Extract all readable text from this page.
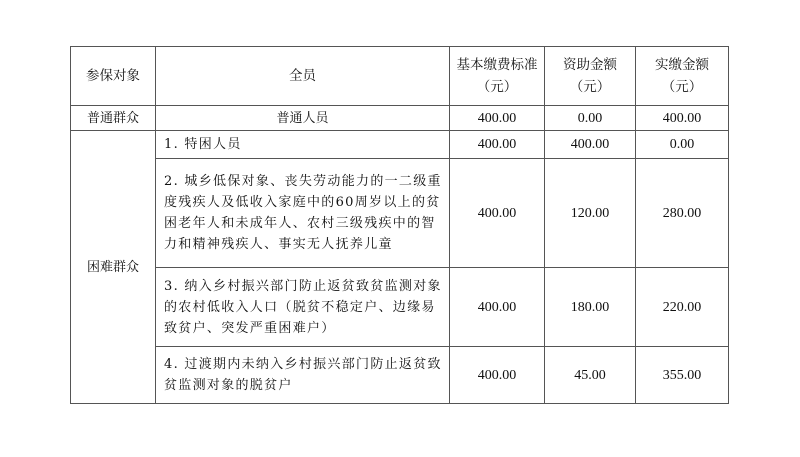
参保对象	全员	基本缴费标准（元）	资助金额（元）	实缴金额（元）
普通群众	普通人员	400.00	0.00	400.00
困难群众	1. 特困人员	400.00	400.00	0.00
	2. 城乡低保对象、丧失劳动能力的一二级重度残疾人及低收入家庭中的60周岁以上的贫困老年人和未成年人、农村三级残疾中的智力和精神残疾人、事实无人抚养儿童	400.00	120.00	280.00
	3. 纳入乡村振兴部门防止返贫致贫监测对象的农村低收入人口（脱贫不稳定户、边缘易致贫户、突发严重困难户）	400.00	180.00	220.00
	4. 过渡期内未纳入乡村振兴部门防止返贫致贫监测对象的脱贫户	400.00	45.00	355.00
